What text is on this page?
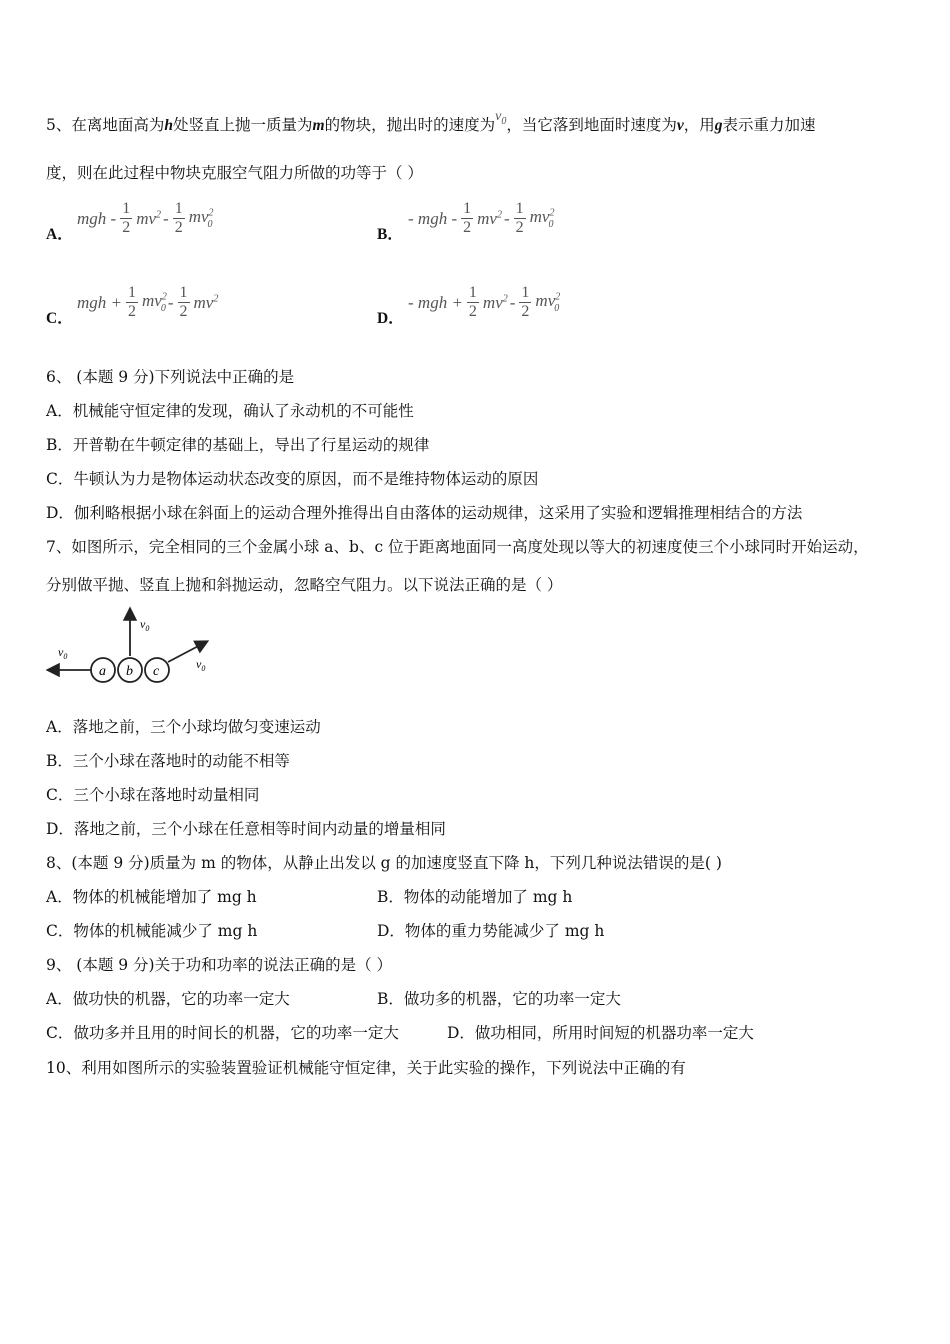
5、在离地面高为h处竖直上抛一质量为m的物块，抛出时的速度为$v_0$，当它落到地面时速度为v，用g表示重力加速
度，则在此过程中物块克服空气阻力所做的功等于（ ）
A．
mgh - $\frac{1}{2} mv^2 - \frac{1}{2} mv^2_0$
B．
- mgh - $\frac{1}{2} mv^2 - \frac{1}{2} mv^2_0$
C．
mgh + $\frac{1}{2} mv^2_0 - \frac{1}{2} mv^2$
D．
- mgh + $\frac{1}{2} mv^2 - \frac{1}{2} mv^2_0$
6、 (本题 9 分)下列说法中正确的是
A．机械能守恒定律的发现，确认了永动机的不可能性
B．开普勒在牛顿定律的基础上，导出了行星运动的规律
C．牛顿认为力是物体运动状态改变的原因，而不是维持物体运动的原因
D．伽利略根据小球在斜面上的运动合理外推得出自由落体的运动规律，这采用了实验和逻辑推理相结合的方法
7、如图所示，完全相同的三个金属小球 a、b、c 位于距离地面同一高度处现以等大的初速度使三个小球同时开始运动，
分别做平抛、竖直上抛和斜抛运动，忽略空气阻力。以下说法正确的是（ ）
a b c
$v_0$
$v_0$
$v_0$
A．落地之前，三个小球均做匀变速运动
B．三个小球在落地时的动能不相等
C．三个小球在落地时动量相同
D．落地之前，三个小球在任意相等时间内动量的增量相同
8、(本题 9 分)质量为 m 的物体，从静止出发以 g 的加速度竖直下降 h，下列几种说法错误的是( )
A．物体的机械能增加了 mg h	B．物体的动能增加了 mg h
C．物体的机械能减少了 mg h	D．物体的重力势能减少了 mg h
9、 (本题 9 分)关于功和功率的说法正确的是（ ）
A．做功快的机器，它的功率一定大	B．做功多的机器，它的功率一定大
C．做功多并且用的时间长的机器，它的功率一定大	D．做功相同，所用时间短的机器功率一定大
10、利用如图所示的实验装置验证机械能守恒定律，关于此实验的操作，下列说法中正确的有
